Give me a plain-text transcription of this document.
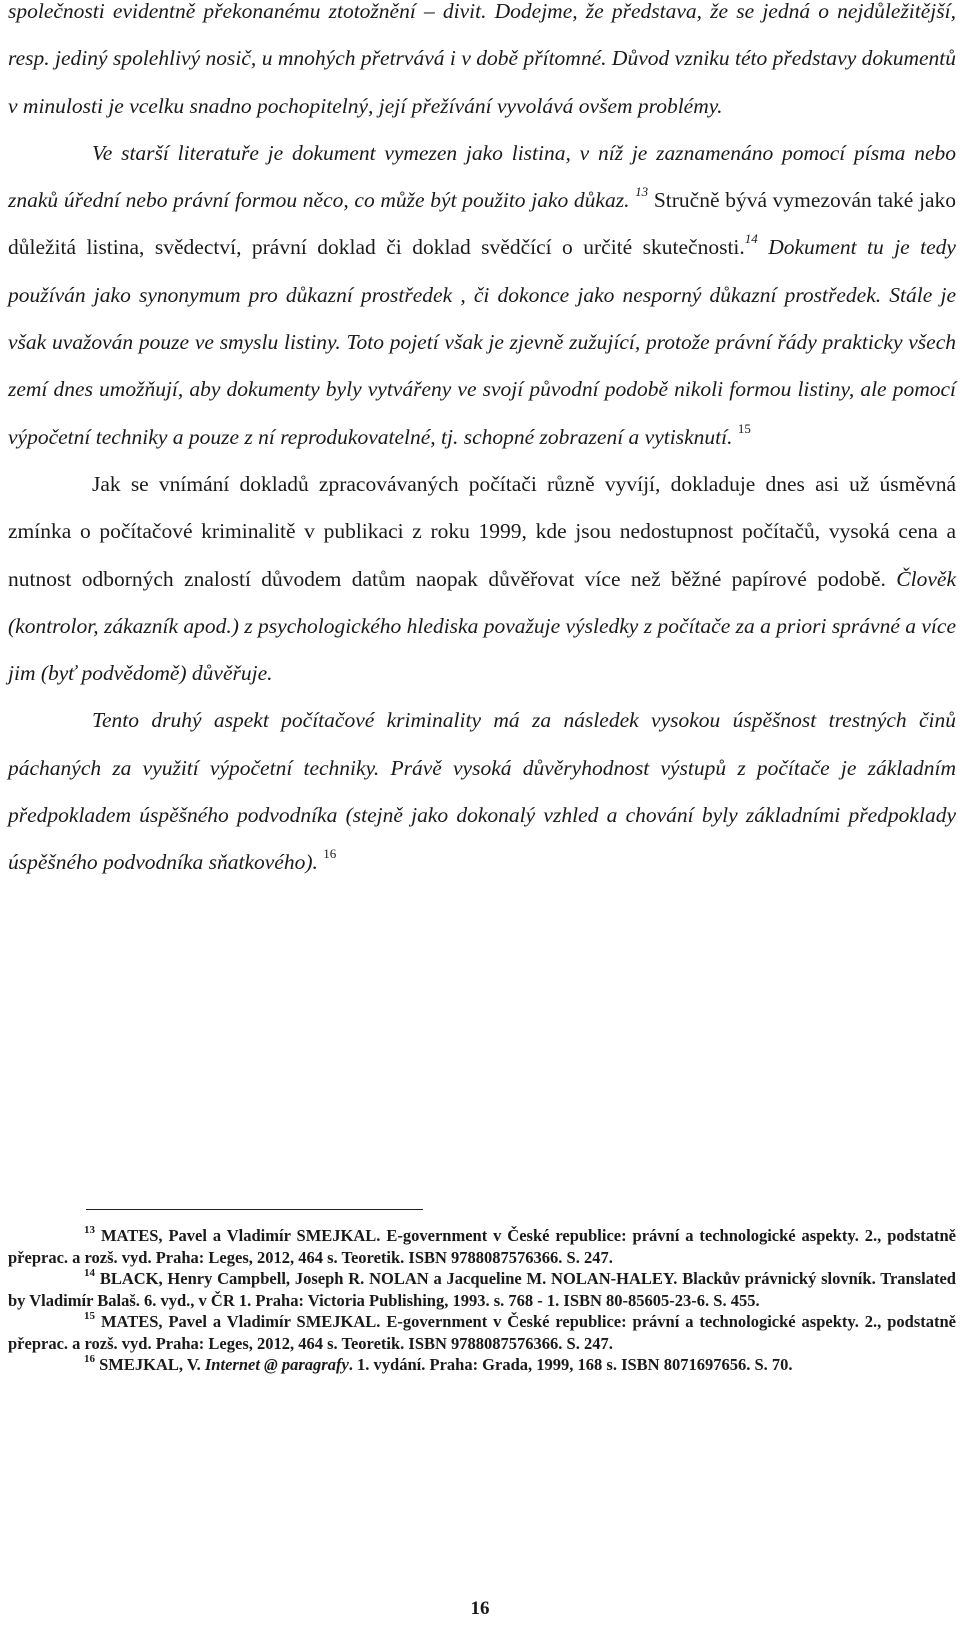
společnosti evidentně překonanému ztotožnění – divit. Dodejme, že představa, že se jedná o nejdůležitější, resp. jediný spolehlivý nosič, u mnohých přetrvává i v době přítomné. Důvod vzniku této představy dokumentů v minulosti je vcelku snadno pochopitelný, její přežívání vyvolává ovšem problémy.

Ve starší literatuře je dokument vymezen jako listina, v níž je zaznamenáno pomocí písma nebo znaků úřední nebo právní formou něco, co může být použito jako důkaz. $^{13}$ Stručně bývá vymezován také jako důležitá listina, svědectví, právní doklad či doklad svědčící o určité skutečnosti.$^{14}$ Dokument tu je tedy používán jako synonymum pro důkazní prostředek , či dokonce jako nesporný důkazní prostředek. Stále je však uvažován pouze ve smyslu listiny. Toto pojetí však je zjevně zužující, protože právní řády prakticky všech zemí dnes umožňují, aby dokumenty byly vytvářeny ve svojí původní podobě nikoli formou listiny, ale pomocí výpočetní techniky a pouze z ní reprodukovatelné, tj. schopné zobrazení a vytisknutí. $^{15}$

Jak se vnímání dokladů zpracovávaných počítači různě vyvíjí, dokladuje dnes asi už úsměvná zmínka o počítačové kriminalitě v publikaci z roku 1999, kde jsou nedostupnost počítačů, vysoká cena a nutnost odborných znalostí důvodem datům naopak důvěřovat více než běžné papírové podobě. Člověk (kontrolor, zákazník apod.) z psychologického hlediska považuje výsledky z počítače za a priori správné a více jim (byť podvědomě) důvěřuje.

Tento druhý aspekt počítačové kriminality má za následek vysokou úspěšnost trestných činů páchaných za využití výpočetní techniky. Právě vysoká důvěryhodnost výstupů z počítače je základním předpokladem úspěšného podvodníka (stejně jako dokonalý vzhled a chování byly základními předpoklady úspěšného podvodníka sňatkového). $^{16}$

$^{13}$ MATES, Pavel a Vladimír SMEJKAL. E-government v České republice: právní a technologické aspekty. 2., podstatně přeprac. a rozš. vyd. Praha: Leges, 2012, 464 s. Teoretik. ISBN 9788087576366. S. 247.

$^{14}$ BLACK, Henry Campbell, Joseph R. NOLAN a Jacqueline M. NOLAN-HALEY. Blackův právnický slovník. Translated by Vladimír Balaš. 6. vyd., v ČR 1. Praha: Victoria Publishing, 1993. s. 768 - 1. ISBN 80-85605-23-6. S. 455.

$^{15}$ MATES, Pavel a Vladimír SMEJKAL. E-government v České republice: právní a technologické aspekty. 2., podstatně přeprac. a rozš. vyd. Praha: Leges, 2012, 464 s. Teoretik. ISBN 9788087576366. S. 247.

$^{16}$ SMEJKAL, V. Internet @ paragrafy. 1. vydání. Praha: Grada, 1999, 168 s. ISBN 8071697656. S. 70.

16
